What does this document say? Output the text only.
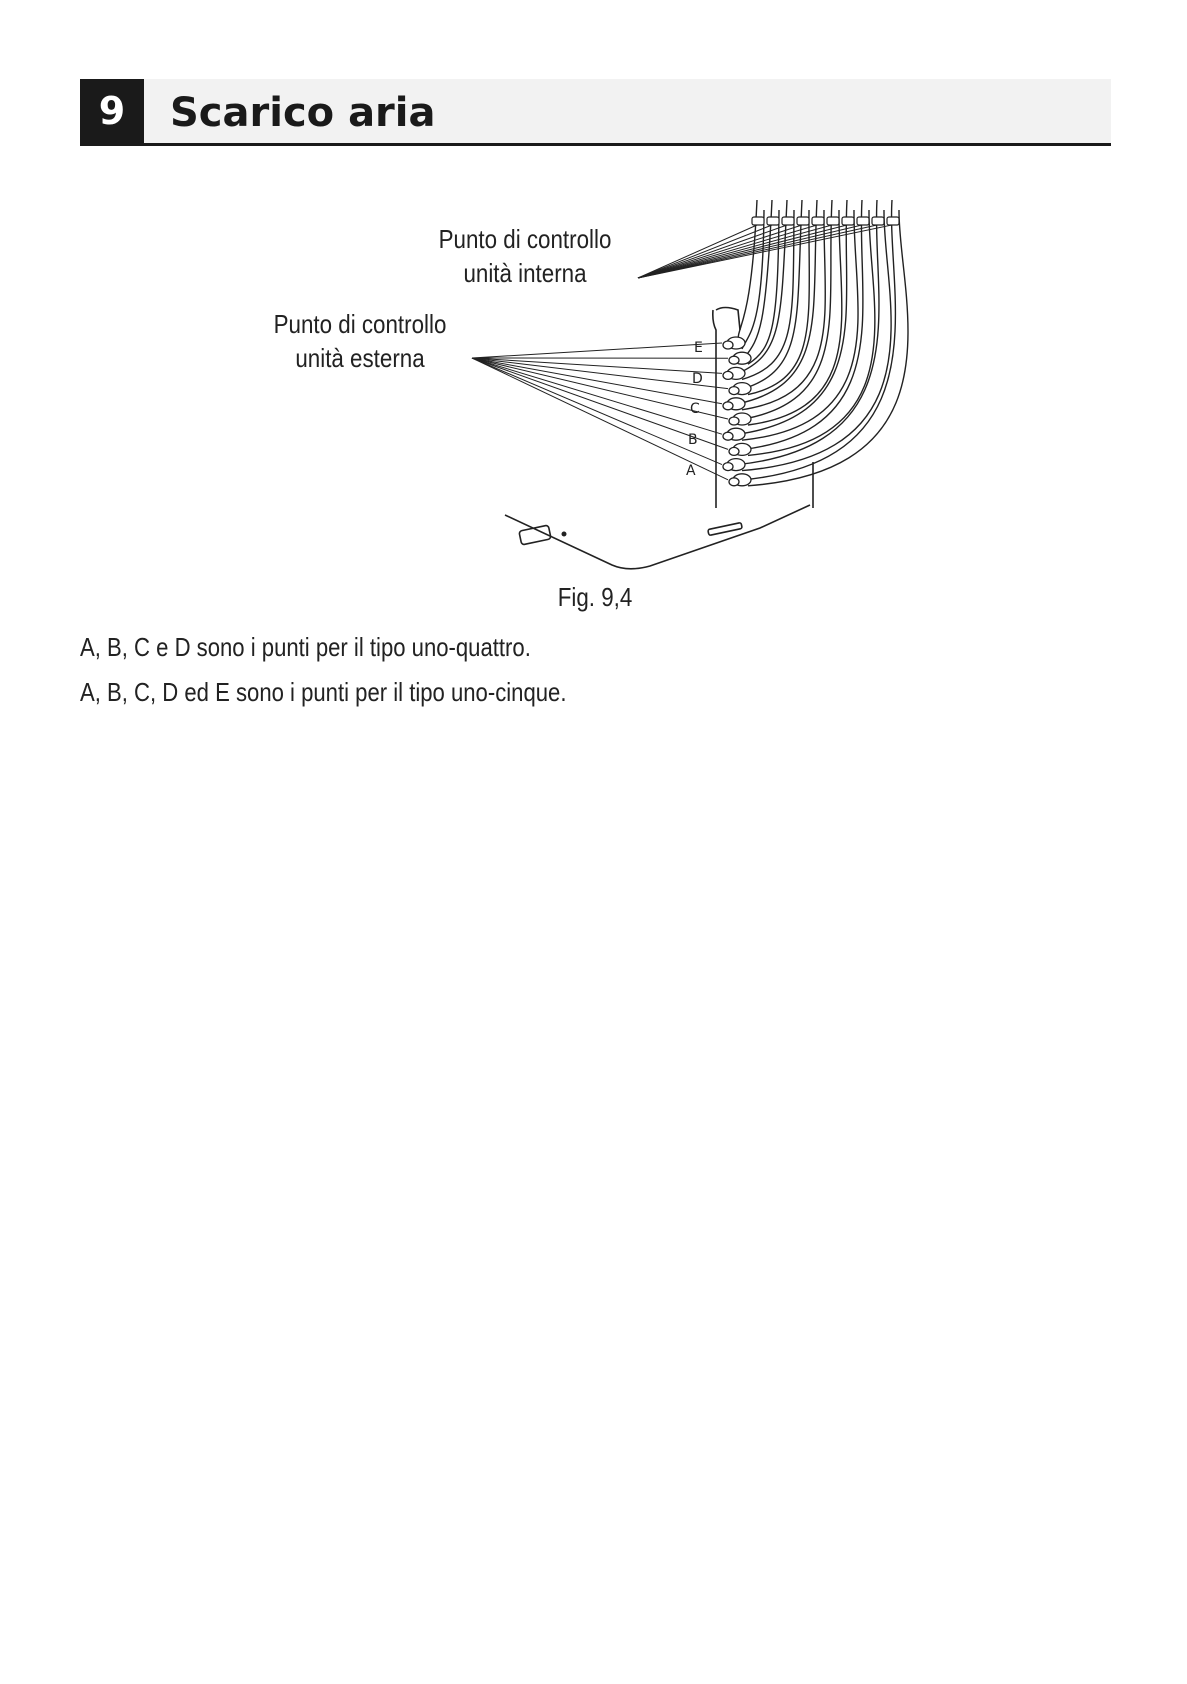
9	Scarico aria
E
D
C
B
A
Punto di controllo
unità interna
Punto di controllo
unità esterna
Fig. 9,4
A, B, C e D sono i punti per il tipo uno-quattro.
A, B, C, D ed E sono i punti per il tipo uno-cinque.
